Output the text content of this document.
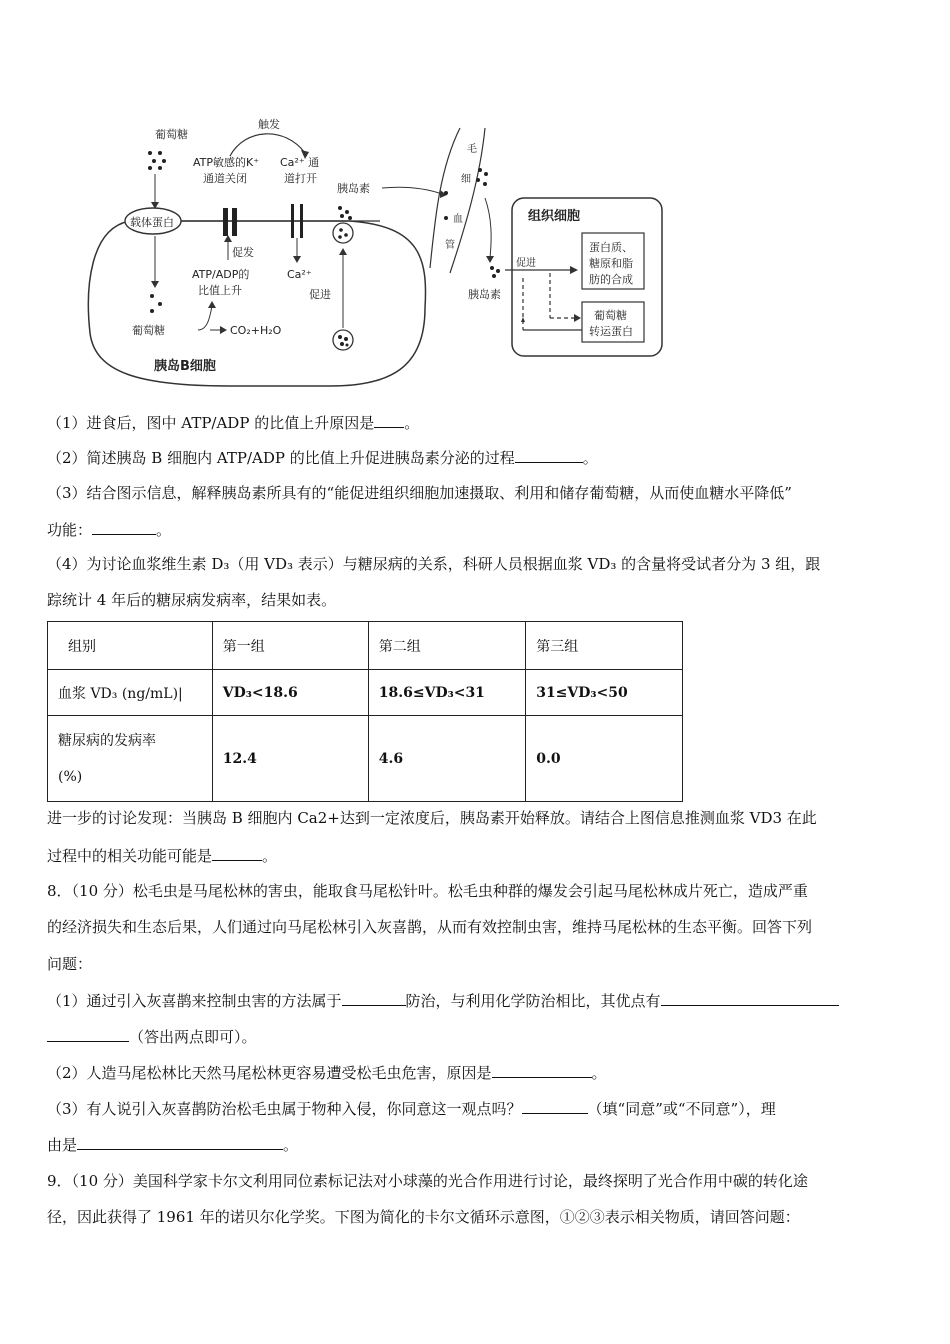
葡萄糖
载体蛋白
葡萄糖
触发
ATP敏感的K⁺
通道关闭
Ca²⁺ 通
道打开
促发
ATP/ADP的
比值上升
CO₂+H₂O
Ca²⁺
促进
胰岛B细胞
胰岛素
毛
细
血
管
胰岛素
组织细胞
促进
蛋白质、
糖原和脂
肪的合成
葡萄糖
转运蛋白
（1）进食后，图中 ATP/ADP 的比值上升原因是 。
（2）简述胰岛 B 细胞内 ATP/ADP 的比值上升促进胰岛素分泌的过程	。
（3）结合图示信息，解释胰岛素所具有的“能促进组织细胞加速摄取、利用和储存葡萄糖，从而使血糖水平降低”
功能：	。
（4）为讨论血浆维生素 D₃（用 VD₃ 表示）与糖尿病的关系，科研人员根据血浆 VD₃ 的含量将受试者分为 3 组，跟
踪统计 4 年后的糖尿病发病率，结果如表。
组别	第一组	第二组	第三组
血浆 VD₃ (ng/mL)|	VD₃<18.6	18.6≤VD₃<31	31≤VD₃<50
糖尿病的发病率
(%)	12.4	4.6	0.0
进一步的讨论发现：当胰岛 B 细胞内 Ca2+达到一定浓度后，胰岛素开始释放。请结合上图信息推测血浆 VD3 在此
过程中的相关功能可能是	。
8．（10 分）松毛虫是马尾松林的害虫，能取食马尾松针叶。松毛虫种群的爆发会引起马尾松林成片死亡，造成严重
的经济损失和生态后果，人们通过向马尾松林引入灰喜鹊，从而有效控制虫害，维持马尾松林的生态平衡。回答下列
问题：
（1）通过引入灰喜鹊来控制虫害的方法属于	防治，与利用化学防治相比，其优点有
（答出两点即可）。
（2）人造马尾松林比天然马尾松林更容易遭受松毛虫危害，原因是	。
（3）有人说引入灰喜鹊防治松毛虫属于物种入侵，你同意这一观点吗？	（填“同意”或“不同意”），理
由是	。
9．（10 分）美国科学家卡尔文利用同位素标记法对小球藻的光合作用进行讨论，最终探明了光合作用中碳的转化途
径，因此获得了 1961 年的诺贝尔化学奖。下图为简化的卡尔文循环示意图，①②③表示相关物质，请回答问题：
